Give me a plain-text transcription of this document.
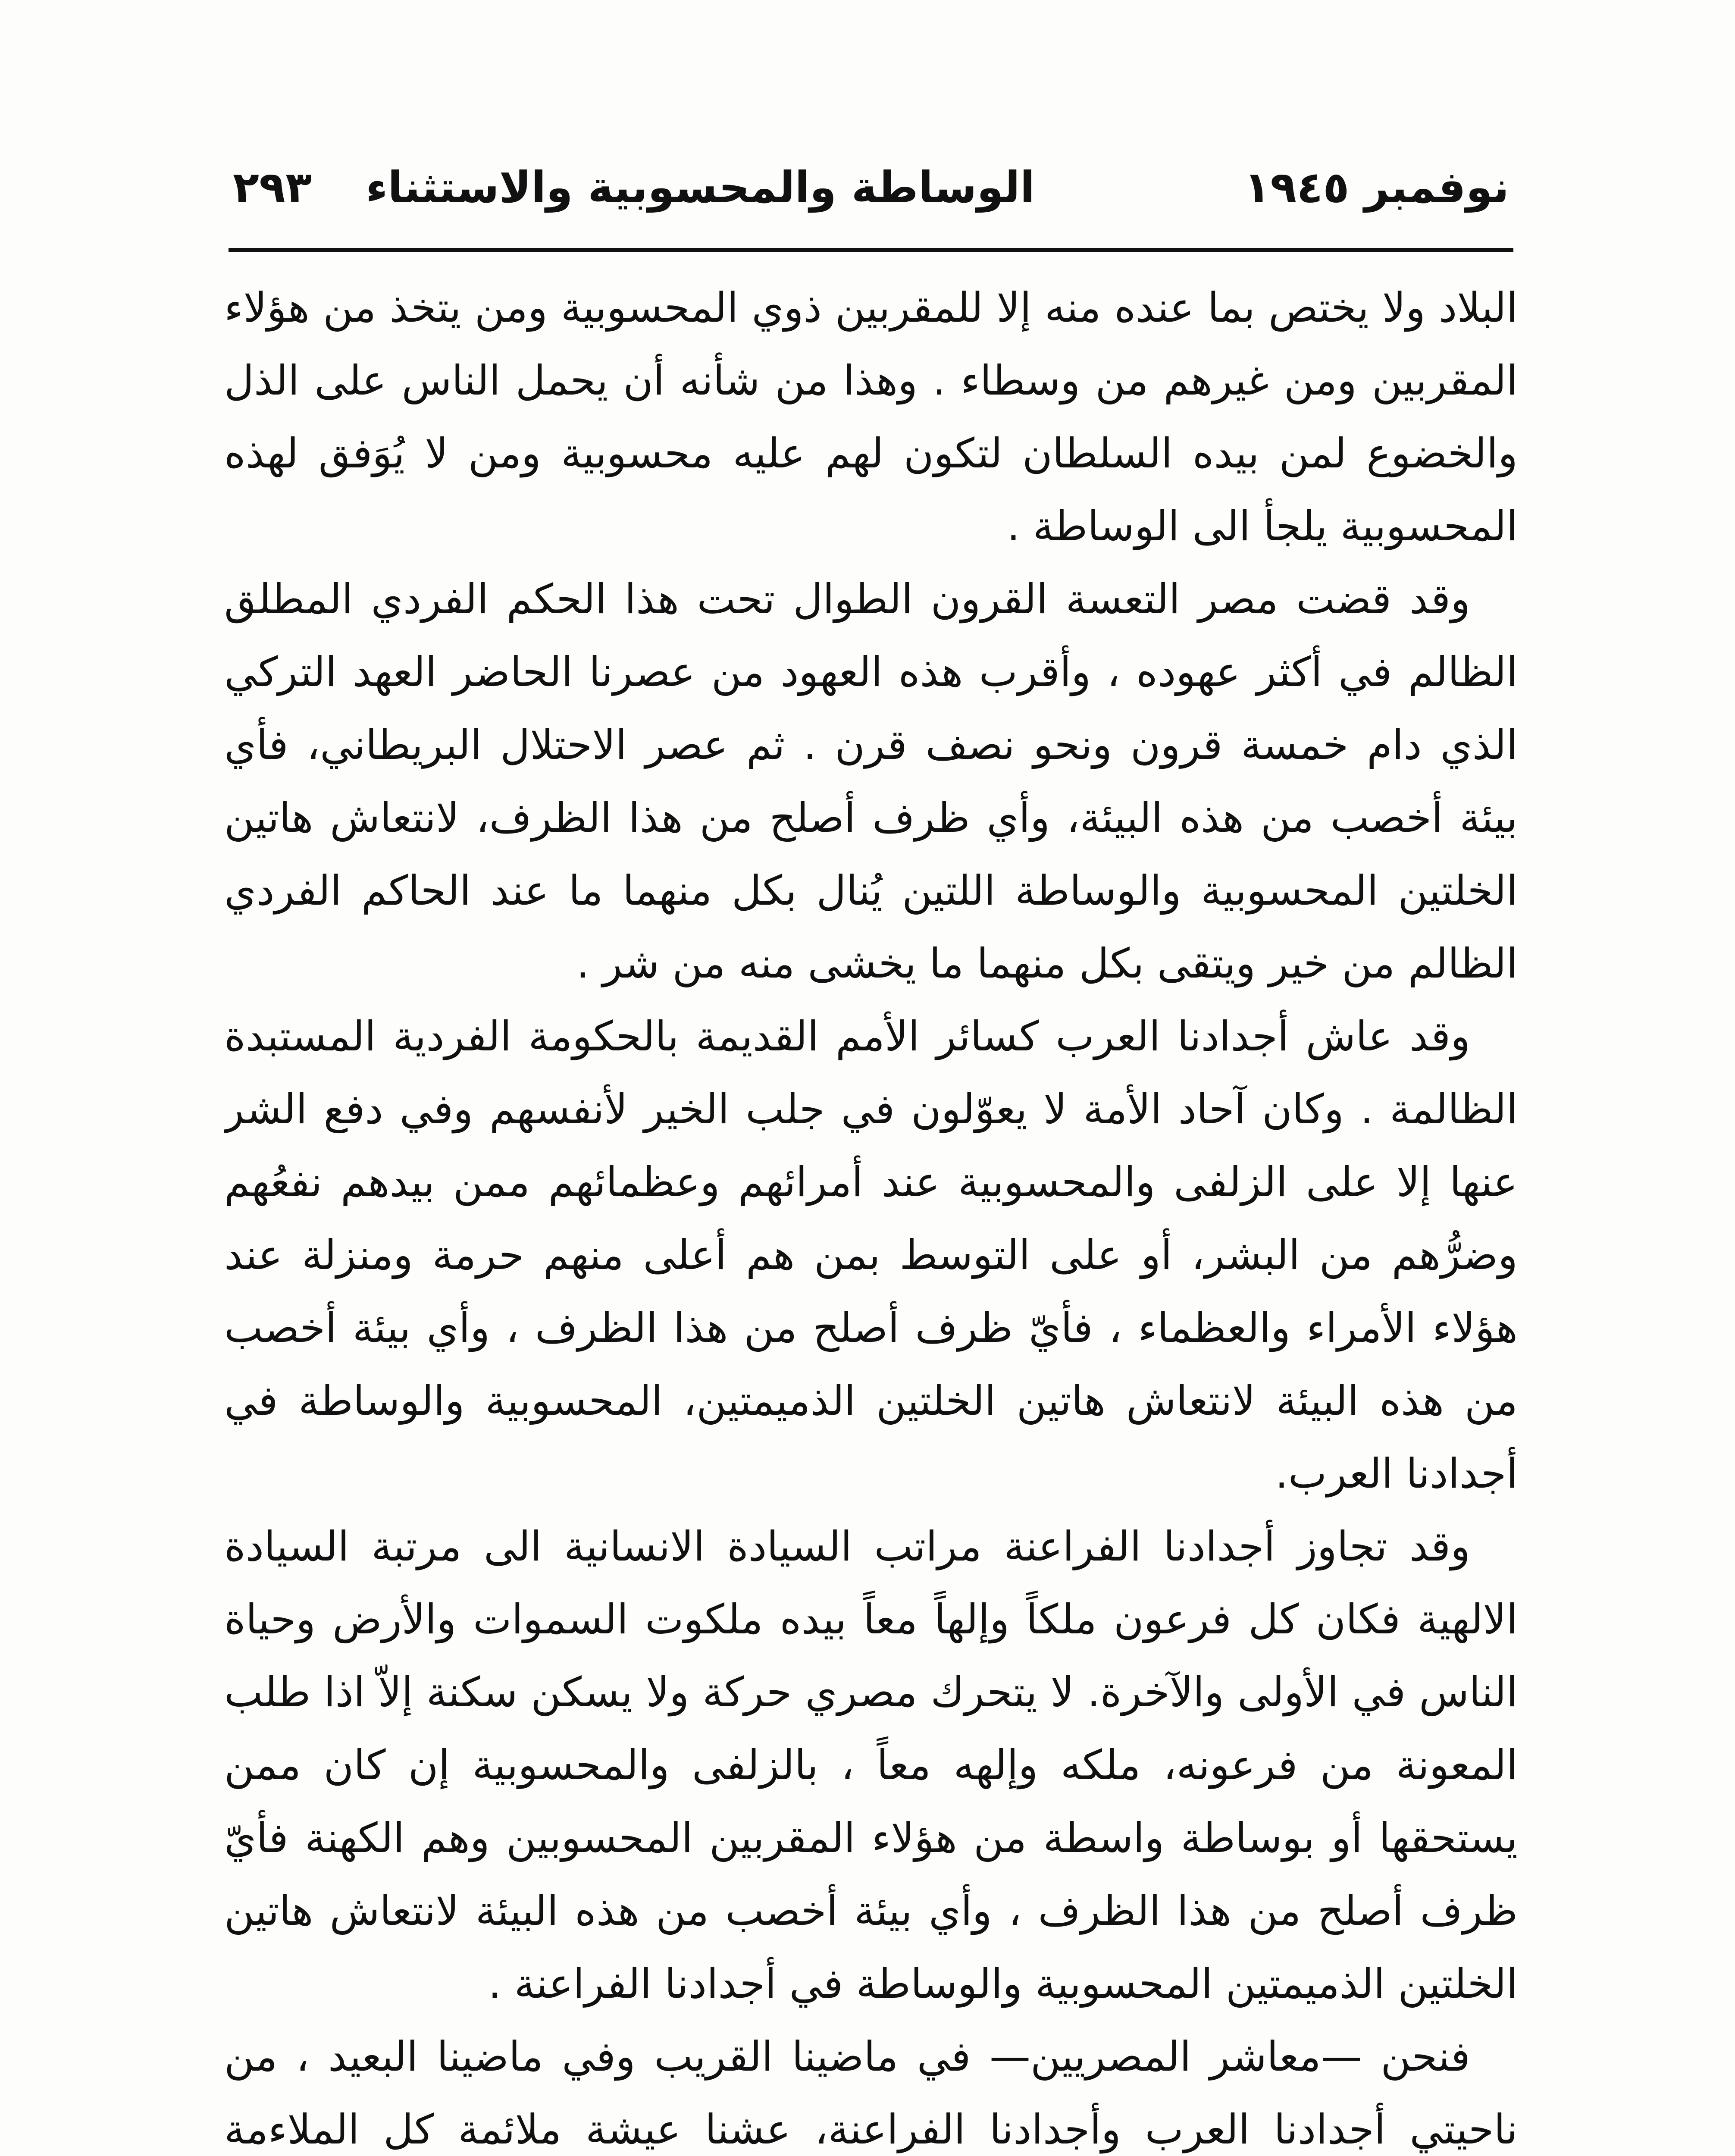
نوفمبر ١٩٤٥
الوساطة والمحسوبية والاستثناء
٢٩٣

البلاد ولا يختص بما عنده منه إلا للمقربين ذوي المحسوبية ومن يتخذ من هؤلاء المقربين ومن غيرهم من وسطاء . وهذا من شأنه أن يحمل الناس على الذل والخضوع لمن بيده السلطان لتكون لهم عليه محسوبية ومن لا يُوَفق لهذه المحسوبية يلجأ الى الوساطة .

وقد قضت مصر التعسة القرون الطوال تحت هذا الحكم الفردي المطلق الظالم في أكثر عهوده ، وأقرب هذه العهود من عصرنا الحاضر العهد التركي الذي دام خمسة قرون ونحو نصف قرن . ثم عصر الاحتلال البريطاني، فأي بيئة أخصب من هذه البيئة، وأي ظرف أصلح من هذا الظرف، لانتعاش هاتين الخلتين المحسوبية والوساطة اللتين يُنال بكل منهما ما عند الحاكم الفردي الظالم من خير ويتقى بكل منهما ما يخشى منه من شر .

وقد عاش أجدادنا العرب كسائر الأمم القديمة بالحكومة الفردية المستبدة الظالمة . وكان آحاد الأمة لا يعوّلون في جلب الخير لأنفسهم وفي دفع الشر عنها إلا على الزلفى والمحسوبية عند أمرائهم وعظمائهم ممن بيدهم نفعُهم وضرُّهم من البشر، أو على التوسط بمن هم أعلى منهم حرمة ومنزلة عند هؤلاء الأمراء والعظماء ، فأيّ ظرف أصلح من هذا الظرف ، وأي بيئة أخصب من هذه البيئة لانتعاش هاتين الخلتين الذميمتين، المحسوبية والوساطة في أجدادنا العرب.

وقد تجاوز أجدادنا الفراعنة مراتب السيادة الانسانية الى مرتبة السيادة الالهية فكان كل فرعون ملكاً وإلهاً معاً بيده ملكوت السموات والأرض وحياة الناس في الأولى والآخرة. لا يتحرك مصري حركة ولا يسكن سكنة إلاّ اذا طلب المعونة من فرعونه، ملكه وإلهه معاً ، بالزلفى والمحسوبية إن كان ممن يستحقها أو بوساطة واسطة من هؤلاء المقربين المحسوبين وهم الكهنة فأيّ ظرف أصلح من هذا الظرف ، وأي بيئة أخصب من هذه البيئة لانتعاش هاتين الخلتين الذميمتين المحسوبية والوساطة في أجدادنا الفراعنة .

فنحن —معاشر المصريين— في ماضينا القريب وفي ماضينا البعيد ، من ناحيتي أجدادنا العرب وأجدادنا الفراعنة، عشنا عيشة ملائمة كل الملاءمة
